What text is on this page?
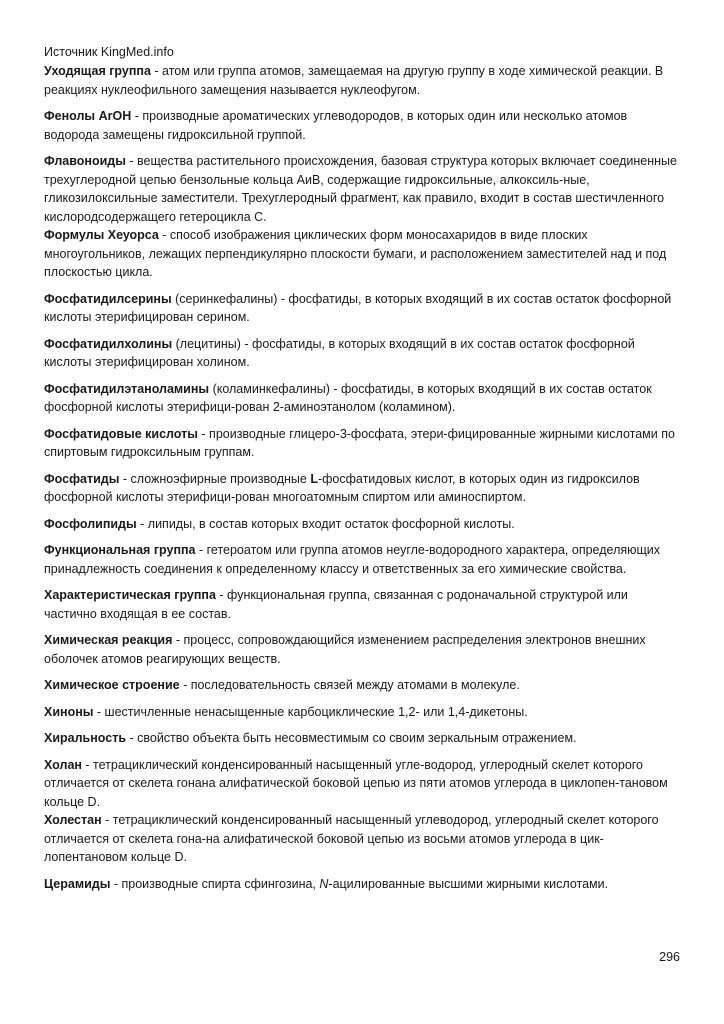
Источник KingMed.info

Уходящая группа - атом или группа атомов, замещаемая на другую группу в ходе химической реакции. В реакциях нуклеофильного замещения называется нуклеофугом.

Фенолы ArOH - производные ароматических углеводородов, в которых один или несколько атомов водорода замещены гидроксильной группой.

Флавоноиды - вещества растительного происхождения, базовая структура которых включает соединенные трехуглеродной цепью бензольные кольца АиВ, содержащие гидроксильные, алкоксиль-ные, гликозилоксильные заместители. Трехуглеродный фрагмент, как правило, входит в состав шестичленного кислородсодержащего гетероцикла С.

Формулы Хеуорса - способ изображения циклических форм моносахаридов в виде плоских многоугольников, лежащих перпендикулярно плоскости бумаги, и расположением заместителей над и под плоскостью цикла.

Фосфатидилсерины (серинкефалины) - фосфатиды, в которых входящий в их состав остаток фосфорной кислоты этерифицирован серином.

Фосфатидилхолины (лецитины) - фосфатиды, в которых входящий в их состав остаток фосфорной кислоты этерифицирован холином.

Фосфатидилэтаноламины (коламинкефалины) - фосфатиды, в которых входящий в их состав остаток фосфорной кислоты этерифици-рован 2-аминоэтанолом (коламином).

Фосфатидовые кислоты - производные глицеро-3-фосфата, этери-фицированные жирными кислотами по спиртовым гидроксильным группам.

Фосфатиды - сложноэфирные производные L-фосфатидовых кислот, в которых один из гидроксилов фосфорной кислоты этерифици-рован многоатомным спиртом или аминоспиртом.

Фосфолипиды - липиды, в состав которых входит остаток фосфорной кислоты.

Функциональная группа - гетероатом или группа атомов неугле-водородного характера, определяющих принадлежность соединения к определенному классу и ответственных за его химические свойства.

Характеристическая группа - функциональная группа, связанная с родоначальной структурой или частично входящая в ее состав.

Химическая реакция - процесс, сопровождающийся изменением распределения электронов внешних оболочек атомов реагирующих веществ.

Химическое строение - последовательность связей между атомами в молекуле.

Хиноны - шестичленные ненасыщенные карбоциклические 1,2- или 1,4-дикетоны.

Хиральность - свойство объекта быть несовместимым со своим зеркальным отражением.

Холан - тетрациклический конденсированный насыщенный угле-водород, углеродный скелет которого отличается от скелета гонана алифатической боковой цепью из пяти атомов углерода в циклопен-тановом кольце D.

Холестан - тетрациклический конденсированный насыщенный углеводород, углеродный скелет которого отличается от скелета гона-на алифатической боковой цепью из восьми атомов углерода в цик-лопентановом кольце D.

Церамиды - производные спирта сфингозина, N-ацилированные высшими жирными кислотами.

296
